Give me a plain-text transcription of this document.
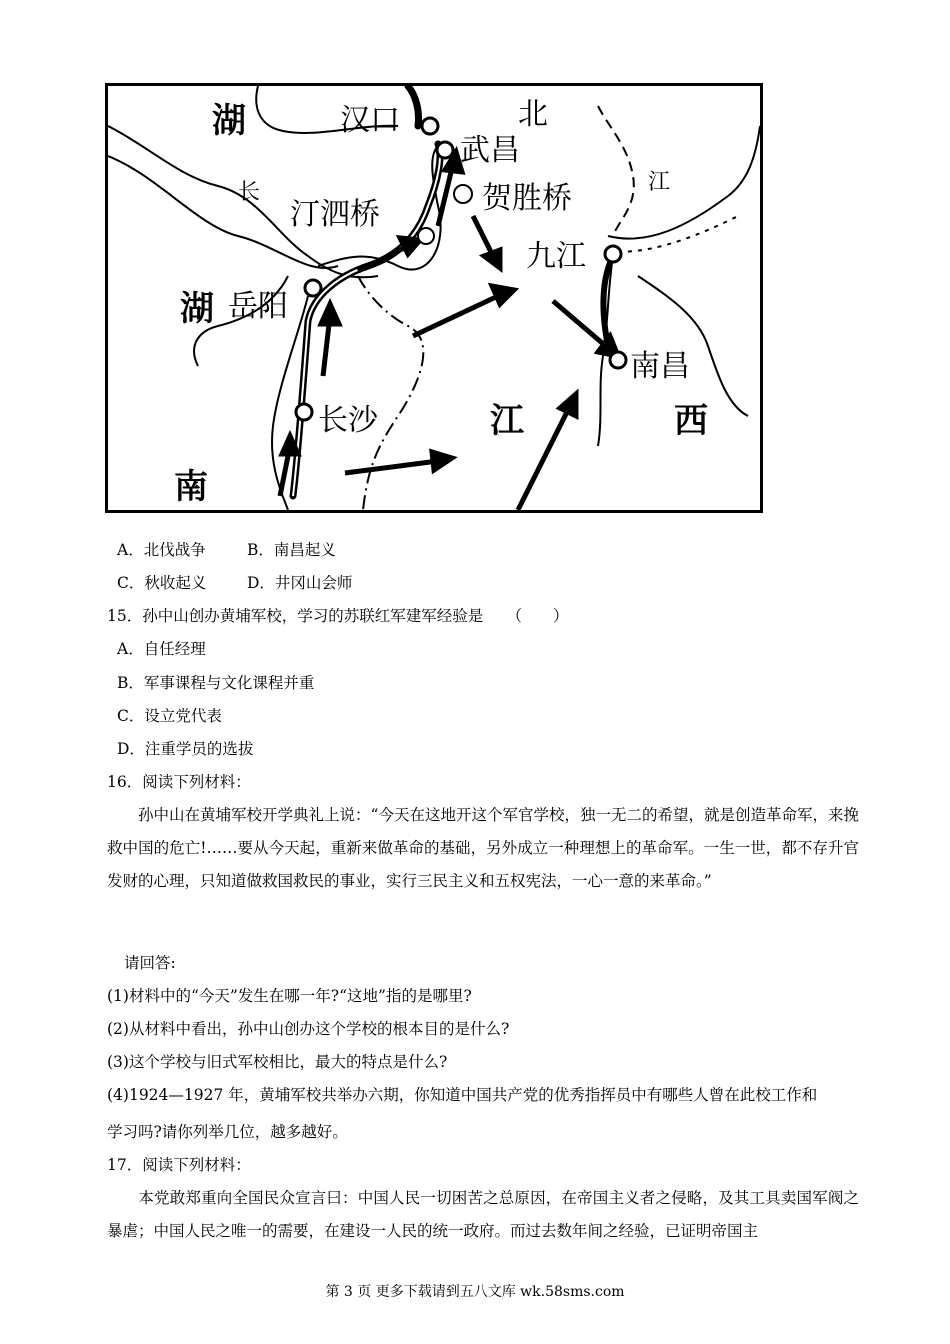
湖	汉口	北
武昌
长	贺胜桥	江
汀泗桥
九江
湖 岳阳
南昌
长沙	江	西
南
A．北伐战争	B．南昌起义
C．秋收起义	D．井冈山会师
15．孙中山创办黄埔军校，学习的苏联红军建军经验是　　（　　）
A．自任经理
B．军事课程与文化课程并重
C．设立党代表
D．注重学员的选拔
16．阅读下列材料：
　　孙中山在黄埔军校开学典礼上说：“今天在这地开这个军官学校，独一无二的希望，就是创造革命军，来挽救中国的危亡!……要从今天起，重新来做革命的基础，另外成立一种理想上的革命军。一生一世，都不存升官发财的心理，只知道做救国救民的事业，实行三民主义和五权宪法，一心一意的来革命。”
请回答:
(1)材料中的“今天”发生在哪一年?“这地”指的是哪里?
(2)从材料中看出，孙中山创办这个学校的根本目的是什么?
(3)这个学校与旧式军校相比，最大的特点是什么?
(4)1924—1927 年，黄埔军校共举办六期，你知道中国共产党的优秀指挥员中有哪些人曾在此校工作和
学习吗?请你列举几位，越多越好。
17．阅读下列材料：
　　本党敢郑重向全国民众宣言曰：中国人民一切困苦之总原因，在帝国主义者之侵略，及其工具卖国军阀之暴虐；中国人民之唯一的需要，在建设一人民的统一政府。而过去数年间之经验，已证明帝国主
第 3 页 更多下载请到五八文库 wk.58sms.com
